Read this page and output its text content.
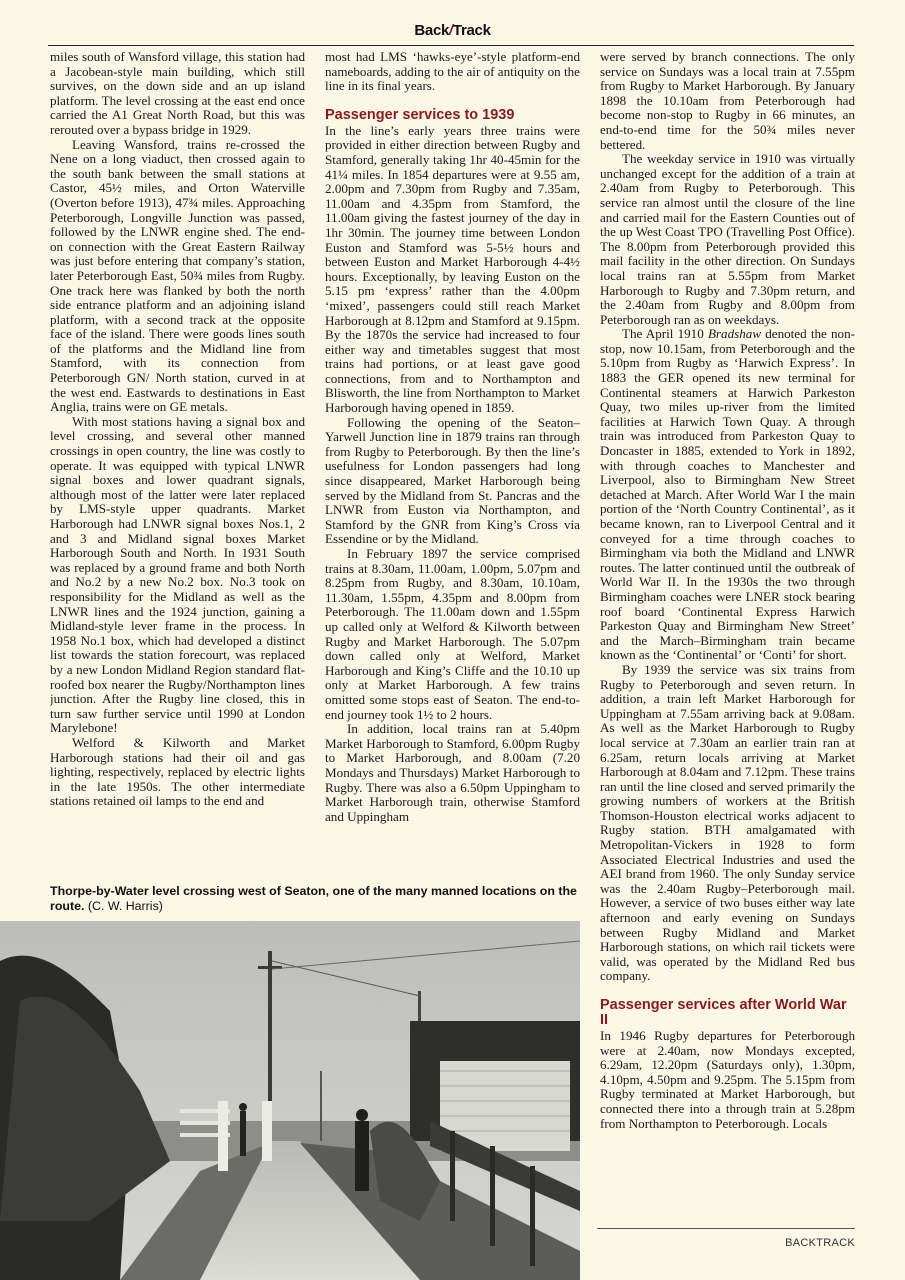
Back/Track

miles south of Wansford village, this station had a Jacobean-style main building, which still survives, on the down side and an up island platform. The level crossing at the east end once carried the A1 Great North Road, but this was rerouted over a bypass bridge in 1929.

Leaving Wansford, trains re-crossed the Nene on a long viaduct, then crossed again to the south bank between the small stations at Castor, 45½ miles, and Orton Waterville (Overton before 1913), 47¾ miles. Approaching Peterborough, Longville Junction was passed, followed by the LNWR engine shed. The end-on connection with the Great Eastern Railway was just before entering that company’s station, later Peterborough East, 50¾ miles from Rugby. One track here was flanked by both the north side entrance platform and an adjoining island platform, with a second track at the opposite face of the island. There were goods lines south of the platforms and the Midland line from Stamford, with its connection from Peterborough GN/ North station, curved in at the west end. Eastwards to destinations in East Anglia, trains were on GE metals.

With most stations having a signal box and level crossing, and several other manned crossings in open country, the line was costly to operate. It was equipped with typical LNWR signal boxes and lower quadrant signals, although most of the latter were later replaced by LMS-style upper quadrants. Market Harborough had LNWR signal boxes Nos.1, 2 and 3 and Midland signal boxes Market Harborough South and North. In 1931 South was replaced by a ground frame and both North and No.2 by a new No.2 box. No.3 took on responsibility for the Midland as well as the LNWR lines and the 1924 junction, gaining a Midland-style lever frame in the process. In 1958 No.1 box, which had developed a distinct list towards the station forecourt, was replaced by a new London Midland Region standard flat-roofed box nearer the Rugby/Northampton lines junction. After the Rugby line closed, this in turn saw further service until 1990 at London Marylebone!

Welford & Kilworth and Market Harborough stations had their oil and gas lighting, respectively, replaced by electric lights in the late 1950s. The other intermediate stations retained oil lamps to the end and

most had LMS ‘hawks-eye’-style platform-end nameboards, adding to the air of antiquity on the line in its final years.

Passenger services to 1939

In the line’s early years three trains were provided in either direction between Rugby and Stamford, generally taking 1hr 40-45min for the 41¼ miles. In 1854 departures were at 9.55 am, 2.00pm and 7.30pm from Rugby and 7.35am, 11.00am and 4.35pm from Stamford, the 11.00am giving the fastest journey of the day in 1hr 30min. The journey time between London Euston and Stamford was 5-5½ hours and between Euston and Market Harborough 4-4½ hours. Exceptionally, by leaving Euston on the 5.15 pm ‘express’ rather than the 4.00pm ‘mixed’, passengers could still reach Market Harborough at 8.12pm and Stamford at 9.15pm. By the 1870s the service had increased to four either way and timetables suggest that most trains had portions, or at least gave good connections, from and to Northampton and Blisworth, the line from Northampton to Market Harborough having opened in 1859.

Following the opening of the Seaton–Yarwell Junction line in 1879 trains ran through from Rugby to Peterborough. By then the line’s usefulness for London passengers had long since disappeared, Market Harborough being served by the Midland from St. Pancras and the LNWR from Euston via Northampton, and Stamford by the GNR from King’s Cross via Essendine or by the Midland.

In February 1897 the service comprised trains at 8.30am, 11.00am, 1.00pm, 5.07pm and 8.25pm from Rugby, and 8.30am, 10.10am, 11.30am, 1.55pm, 4.35pm and 8.00pm from Peterborough. The 11.00am down and 1.55pm up called only at Welford & Kilworth between Rugby and Market Harborough. The 5.07pm down called only at Welford, Market Harborough and King’s Cliffe and the 10.10 up only at Market Harborough. A few trains omitted some stops east of Seaton. The end-to-end journey took 1½ to 2 hours.

In addition, local trains ran at 5.40pm Market Harborough to Stamford, 6.00pm Rugby to Market Harborough, and 8.00am (7.20 Mondays and Thursdays) Market Harborough to Rugby. There was also a 6.50pm Uppingham to Market Harborough train, otherwise Stamford and Uppingham

were served by branch connections. The only service on Sundays was a local train at 7.55pm from Rugby to Market Harborough. By January 1898 the 10.10am from Peterborough had become non-stop to Rugby in 66 minutes, an end-to-end time for the 50¾ miles never bettered.

The weekday service in 1910 was virtually unchanged except for the addition of a train at 2.40am from Rugby to Peterborough. This service ran almost until the closure of the line and carried mail for the Eastern Counties out of the up West Coast TPO (Travelling Post Office). The 8.00pm from Peterborough provided this mail facility in the other direction. On Sundays local trains ran at 5.55pm from Market Harborough to Rugby and 7.30pm return, and the 2.40am from Rugby and 8.00pm from Peterborough ran as on weekdays.

The April 1910 Bradshaw denoted the non-stop, now 10.15am, from Peterborough and the 5.10pm from Rugby as ‘Harwich Express’. In 1883 the GER opened its new terminal for Continental steamers at Harwich Parkeston Quay, two miles up-river from the limited facilities at Harwich Town Quay. A through train was introduced from Parkeston Quay to Doncaster in 1885, extended to York in 1892, with through coaches to Manchester and Liverpool, also to Birmingham New Street detached at March. After World War I the main portion of the ‘North Country Continental’, as it became known, ran to Liverpool Central and it conveyed for a time through coaches to Birmingham via both the Midland and LNWR routes. The latter continued until the outbreak of World War II. In the 1930s the two through Birmingham coaches were LNER stock bearing roof board ‘Continental Express Harwich Parkeston Quay and Birmingham New Street’ and the March–Birmingham train became known as the ‘Continental’ or ‘Conti’ for short.

By 1939 the service was six trains from Rugby to Peterborough and seven return. In addition, a train left Market Harborough for Uppingham at 7.55am arriving back at 9.08am. As well as the Market Harborough to Rugby local service at 7.30am an earlier train ran at 6.25am, return locals arriving at Market Harborough at 8.04am and 7.12pm. These trains ran until the line closed and served primarily the growing numbers of workers at the British Thomson-Houston electrical works adjacent to Rugby station. BTH amalgamated with Metropolitan-Vickers in 1928 to form Associated Electrical Industries and used the AEI brand from 1960. The only Sunday service was the 2.40am Rugby–Peterborough mail. However, a service of two buses either way late afternoon and early evening on Sundays between Rugby Midland and Market Harborough stations, on which rail tickets were valid, was operated by the Midland Red bus company.

Passenger services after World War II

In 1946 Rugby departures for Peterborough were at 2.40am, now Mondays excepted, 6.29am, 12.20pm (Saturdays only), 1.30pm, 4.10pm, 4.50pm and 9.25pm. The 5.15pm from Rugby terminated at Market Harborough, but connected there into a through train at 5.28pm from Northampton to Peterborough. Locals

Thorpe-by-Water level crossing west of Seaton, one of the many manned locations on the route. (C. W. Harris)
BACKTRACK
